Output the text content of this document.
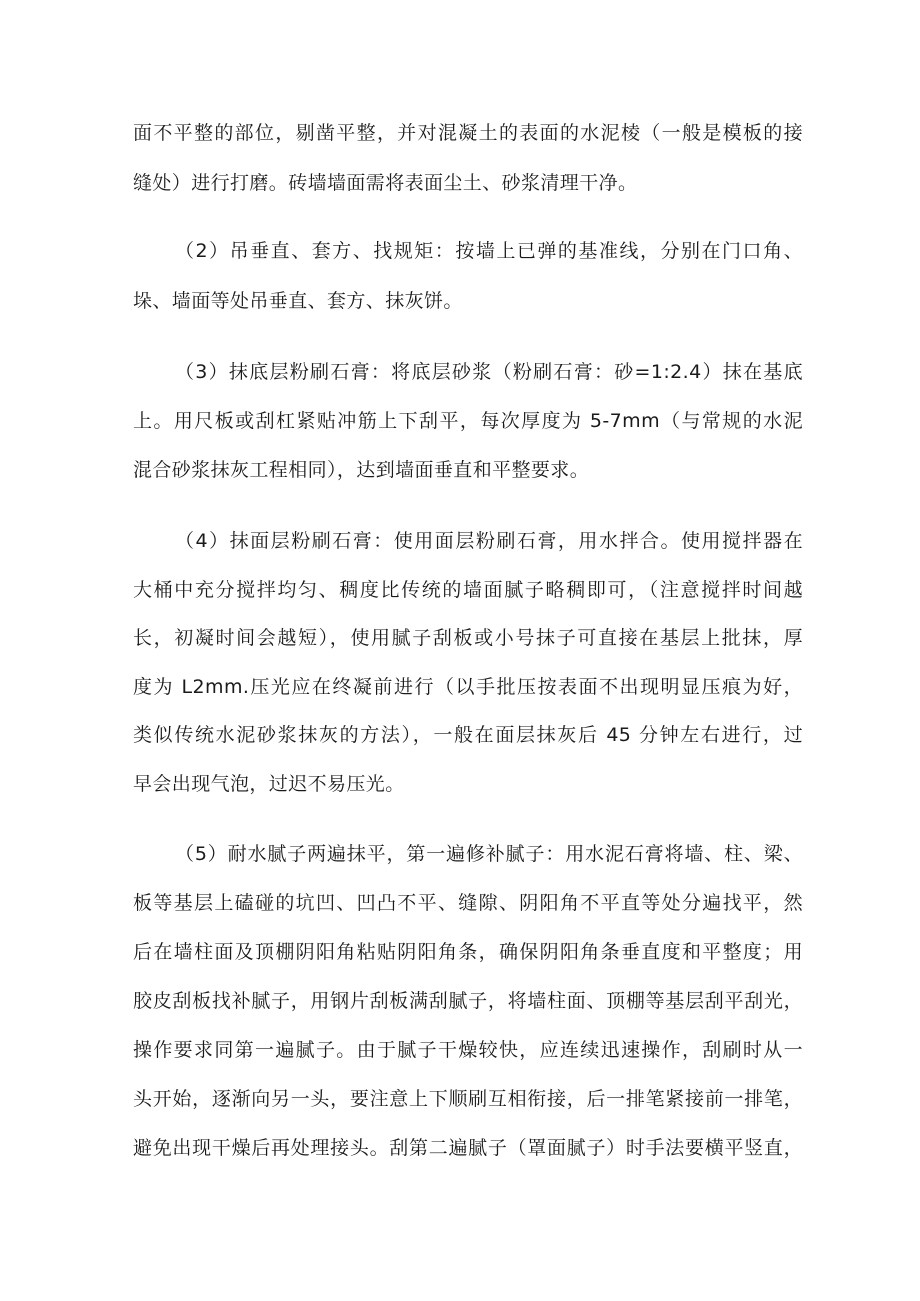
面不平整的部位，剔凿平整，并对混凝土的表面的水泥棱（一般是模板的接
缝处）进行打磨。砖墙墙面需将表面尘土、砂浆清理干净。
（2）吊垂直、套方、找规矩：按墙上已弹的基准线，分别在门口角、
垛、墙面等处吊垂直、套方、抹灰饼。
（3）抹底层粉刷石膏：将底层砂浆（粉刷石膏：砂=1:2.4）抹在基底
上。用尺板或刮杠紧贴冲筋上下刮平，每次厚度为 5-7mm（与常规的水泥
混合砂浆抹灰工程相同），达到墙面垂直和平整要求。
（4）抹面层粉刷石膏：使用面层粉刷石膏，用水拌合。使用搅拌器在
大桶中充分搅拌均匀、稠度比传统的墙面腻子略稠即可，（注意搅拌时间越
长，初凝时间会越短），使用腻子刮板或小号抹子可直接在基层上批抹，厚
度为 L2mm.压光应在终凝前进行（以手批压按表面不出现明显压痕为好，
类似传统水泥砂浆抹灰的方法），一般在面层抹灰后 45 分钟左右进行，过
早会出现气泡，过迟不易压光。
（5）耐水腻子两遍抹平，第一遍修补腻子：用水泥石膏将墙、柱、梁、
板等基层上磕碰的坑凹、凹凸不平、缝隙、阴阳角不平直等处分遍找平，然
后在墙柱面及顶棚阴阳角粘贴阴阳角条，确保阴阳角条垂直度和平整度；用
胶皮刮板找补腻子，用钢片刮板满刮腻子，将墙柱面、顶棚等基层刮平刮光，
操作要求同第一遍腻子。由于腻子干燥较快，应连续迅速操作，刮刷时从一
头开始，逐渐向另一头，要注意上下顺刷互相衔接，后一排笔紧接前一排笔，
避免出现干燥后再处理接头。刮第二遍腻子（罩面腻子）时手法要横平竖直，
